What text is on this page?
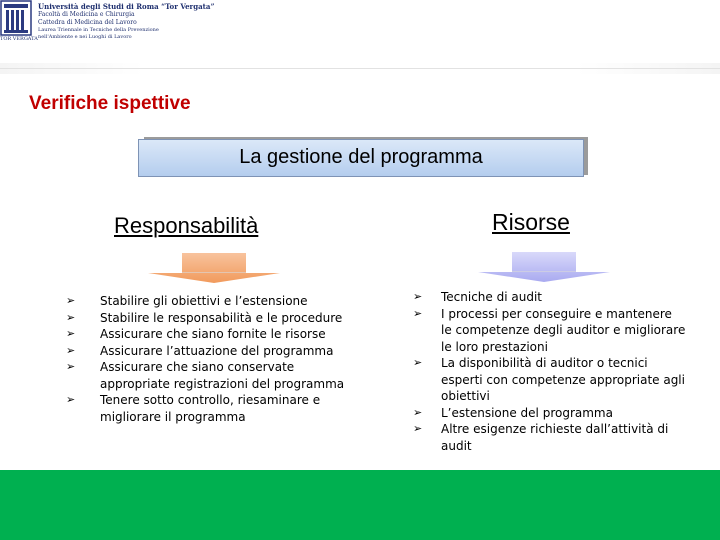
TOR VERGATA
Università degli Studi di Roma “Tor Vergata”
Facoltà di Medicina e Chirurgia
Cattedra di Medicina del Lavoro
Laurea Triennale in Tecniche della Prevenzione
nell'Ambiente e nei Luoghi di Lavoro
Verifiche ispettive
La gestione del programma
Responsabilità	Risorse
➢ Stabilire gli obiettivi e l’estensione
➢ Stabilire le responsabilità e le procedure
➢ Assicurare che siano fornite le risorse
➢ Assicurare l’attuazione del programma
➢ Assicurare che siano conservate appropriate registrazioni del programma
➢ Tenere sotto controllo, riesaminare e migliorare il programma
➢ Tecniche di audit
➢ I processi per conseguire e mantenere le competenze degli auditor e migliorare le loro prestazioni
➢ La disponibilità di auditor o tecnici esperti con competenze appropriate agli obiettivi
➢ L’estensione del programma
➢ Altre esigenze richieste dall’attività di audit
